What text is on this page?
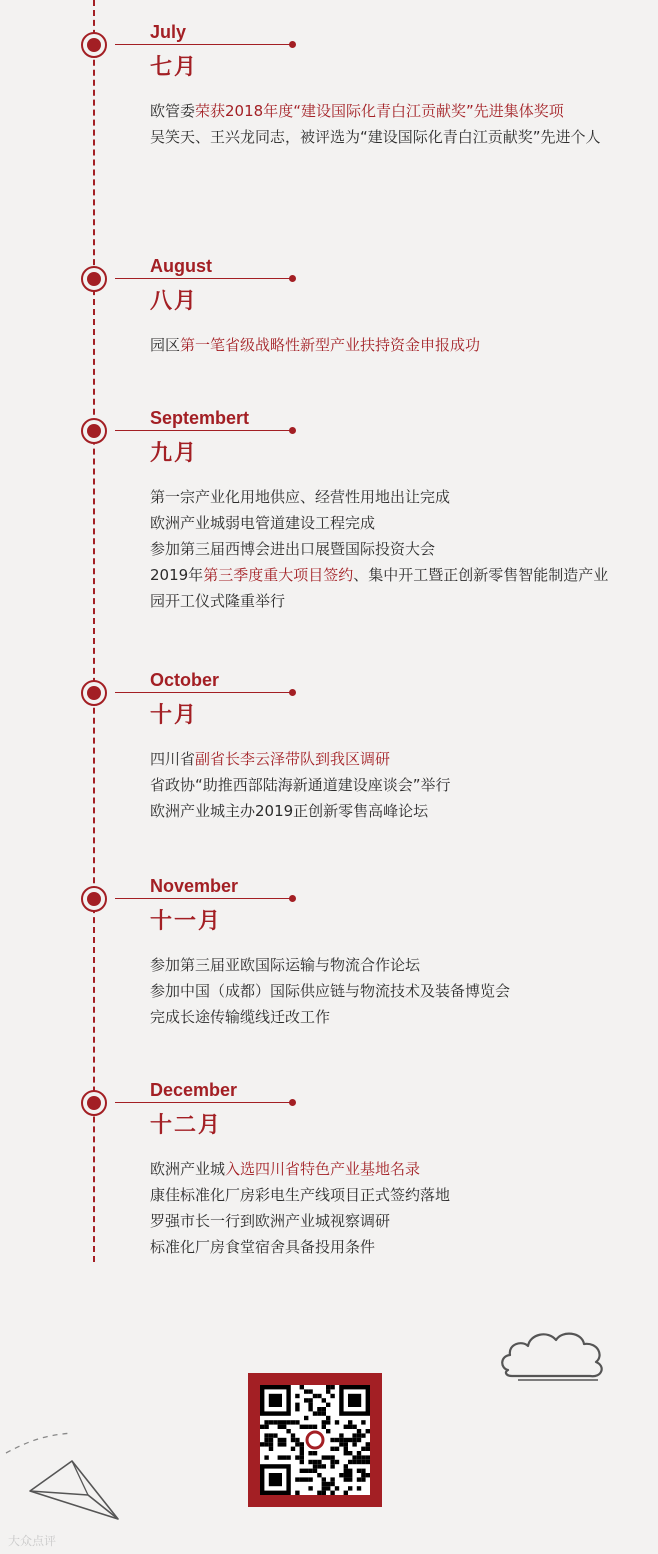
July
七月

欧管委荣获2018年度“建设国际化青白江贡献奖”先进集体奖项

吴笑天、王兴龙同志，被评选为“建设国际化青白江贡献奖”先进个人

August
八月

园区第一笔省级战略性新型产业扶持资金申报成功

Septembert
九月

第一宗产业化用地供应、经营性用地出让完成

欧洲产业城弱电管道建设工程完成

参加第三届西博会进出口展暨国际投资大会

2019年第三季度重大项目签约、集中开工暨正创新零售智能制造产业园开工仪式隆重举行

October
十月

四川省副省长李云泽带队到我区调研

省政协“助推西部陆海新通道建设座谈会”举行

欧洲产业城主办2019正创新零售高峰论坛

November
十一月

参加第三届亚欧国际运输与物流合作论坛

参加中国（成都）国际供应链与物流技术及装备博览会

完成长途传输缆线迁改工作

December
十二月

欧洲产业城入选四川省特色产业基地名录

康佳标准化厂房彩电生产线项目正式签约落地

罗强市长一行到欧洲产业城视察调研

标准化厂房食堂宿舍具备投用条件

大众点评
